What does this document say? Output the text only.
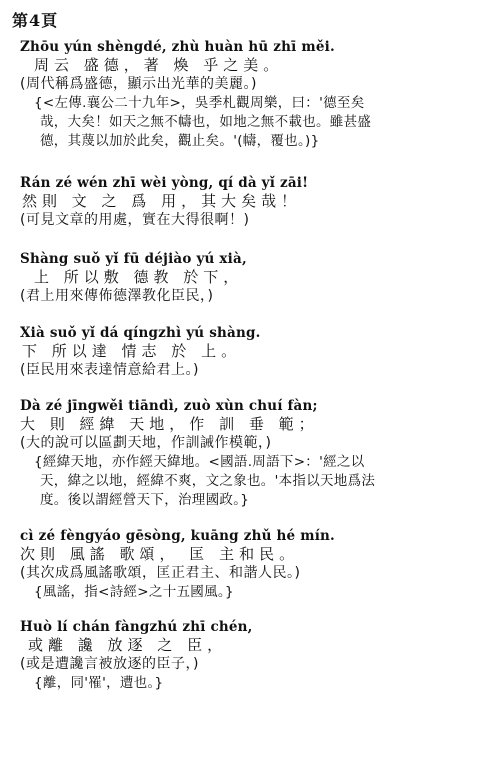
第4頁
Zhōu yún shèngdé, zhù huàn hū zhī měi.
周云 盛德，著 煥 乎之美。
(周代稱爲盛德，顯示出光華的美麗。)
{<左傳.襄公二十九年>，吳季札觀周樂，曰：'德至矣
哉，大矣！如天之無不幬也，如地之無不載也。雖甚盛
德，其蔑以加於此矣，觀止矣。'(幬，覆也。)}
Rán zé wén zhī wèi yòng, qí dà yǐ zāi!
然則 文 之 爲 用，其大矣哉！
(可見文章的用處，實在大得很啊！)
Shàng suǒ yǐ fū déjiào yú xià,
上 所以敷 德教 於下，
(君上用來傳佈德澤教化臣民，)
Xià suǒ yǐ dá qíngzhì yú shàng.
下 所以達 情志 於 上。
(臣民用來表達情意給君上。)
Dà zé jīngwěi tiāndì, zuò xùn chuí fàn;
大 則 經緯 天地，作 訓 垂 範；
(大的說可以區劃天地，作訓誡作模範，)
{經緯天地，亦作經天緯地。<國語.周語下>：'經之以
天，緯之以地，經緯不爽，文之象也。'本指以天地爲法
度。後以謂經營天下，治理國政。}
cì zé fèngyáo gēsòng, kuāng zhǔ hé mín.
次則 風謠 歌頌， 匡 主和民。
(其次成爲風謠歌頌，匡正君主、和諧人民。)
{風謠，指<詩經>之十五國風。}
Huò lí chán fàngzhú zhī chén,
或離 讒 放逐 之 臣，
(或是遭讒言被放逐的臣子，)
{離，同'罹'，遭也。}
